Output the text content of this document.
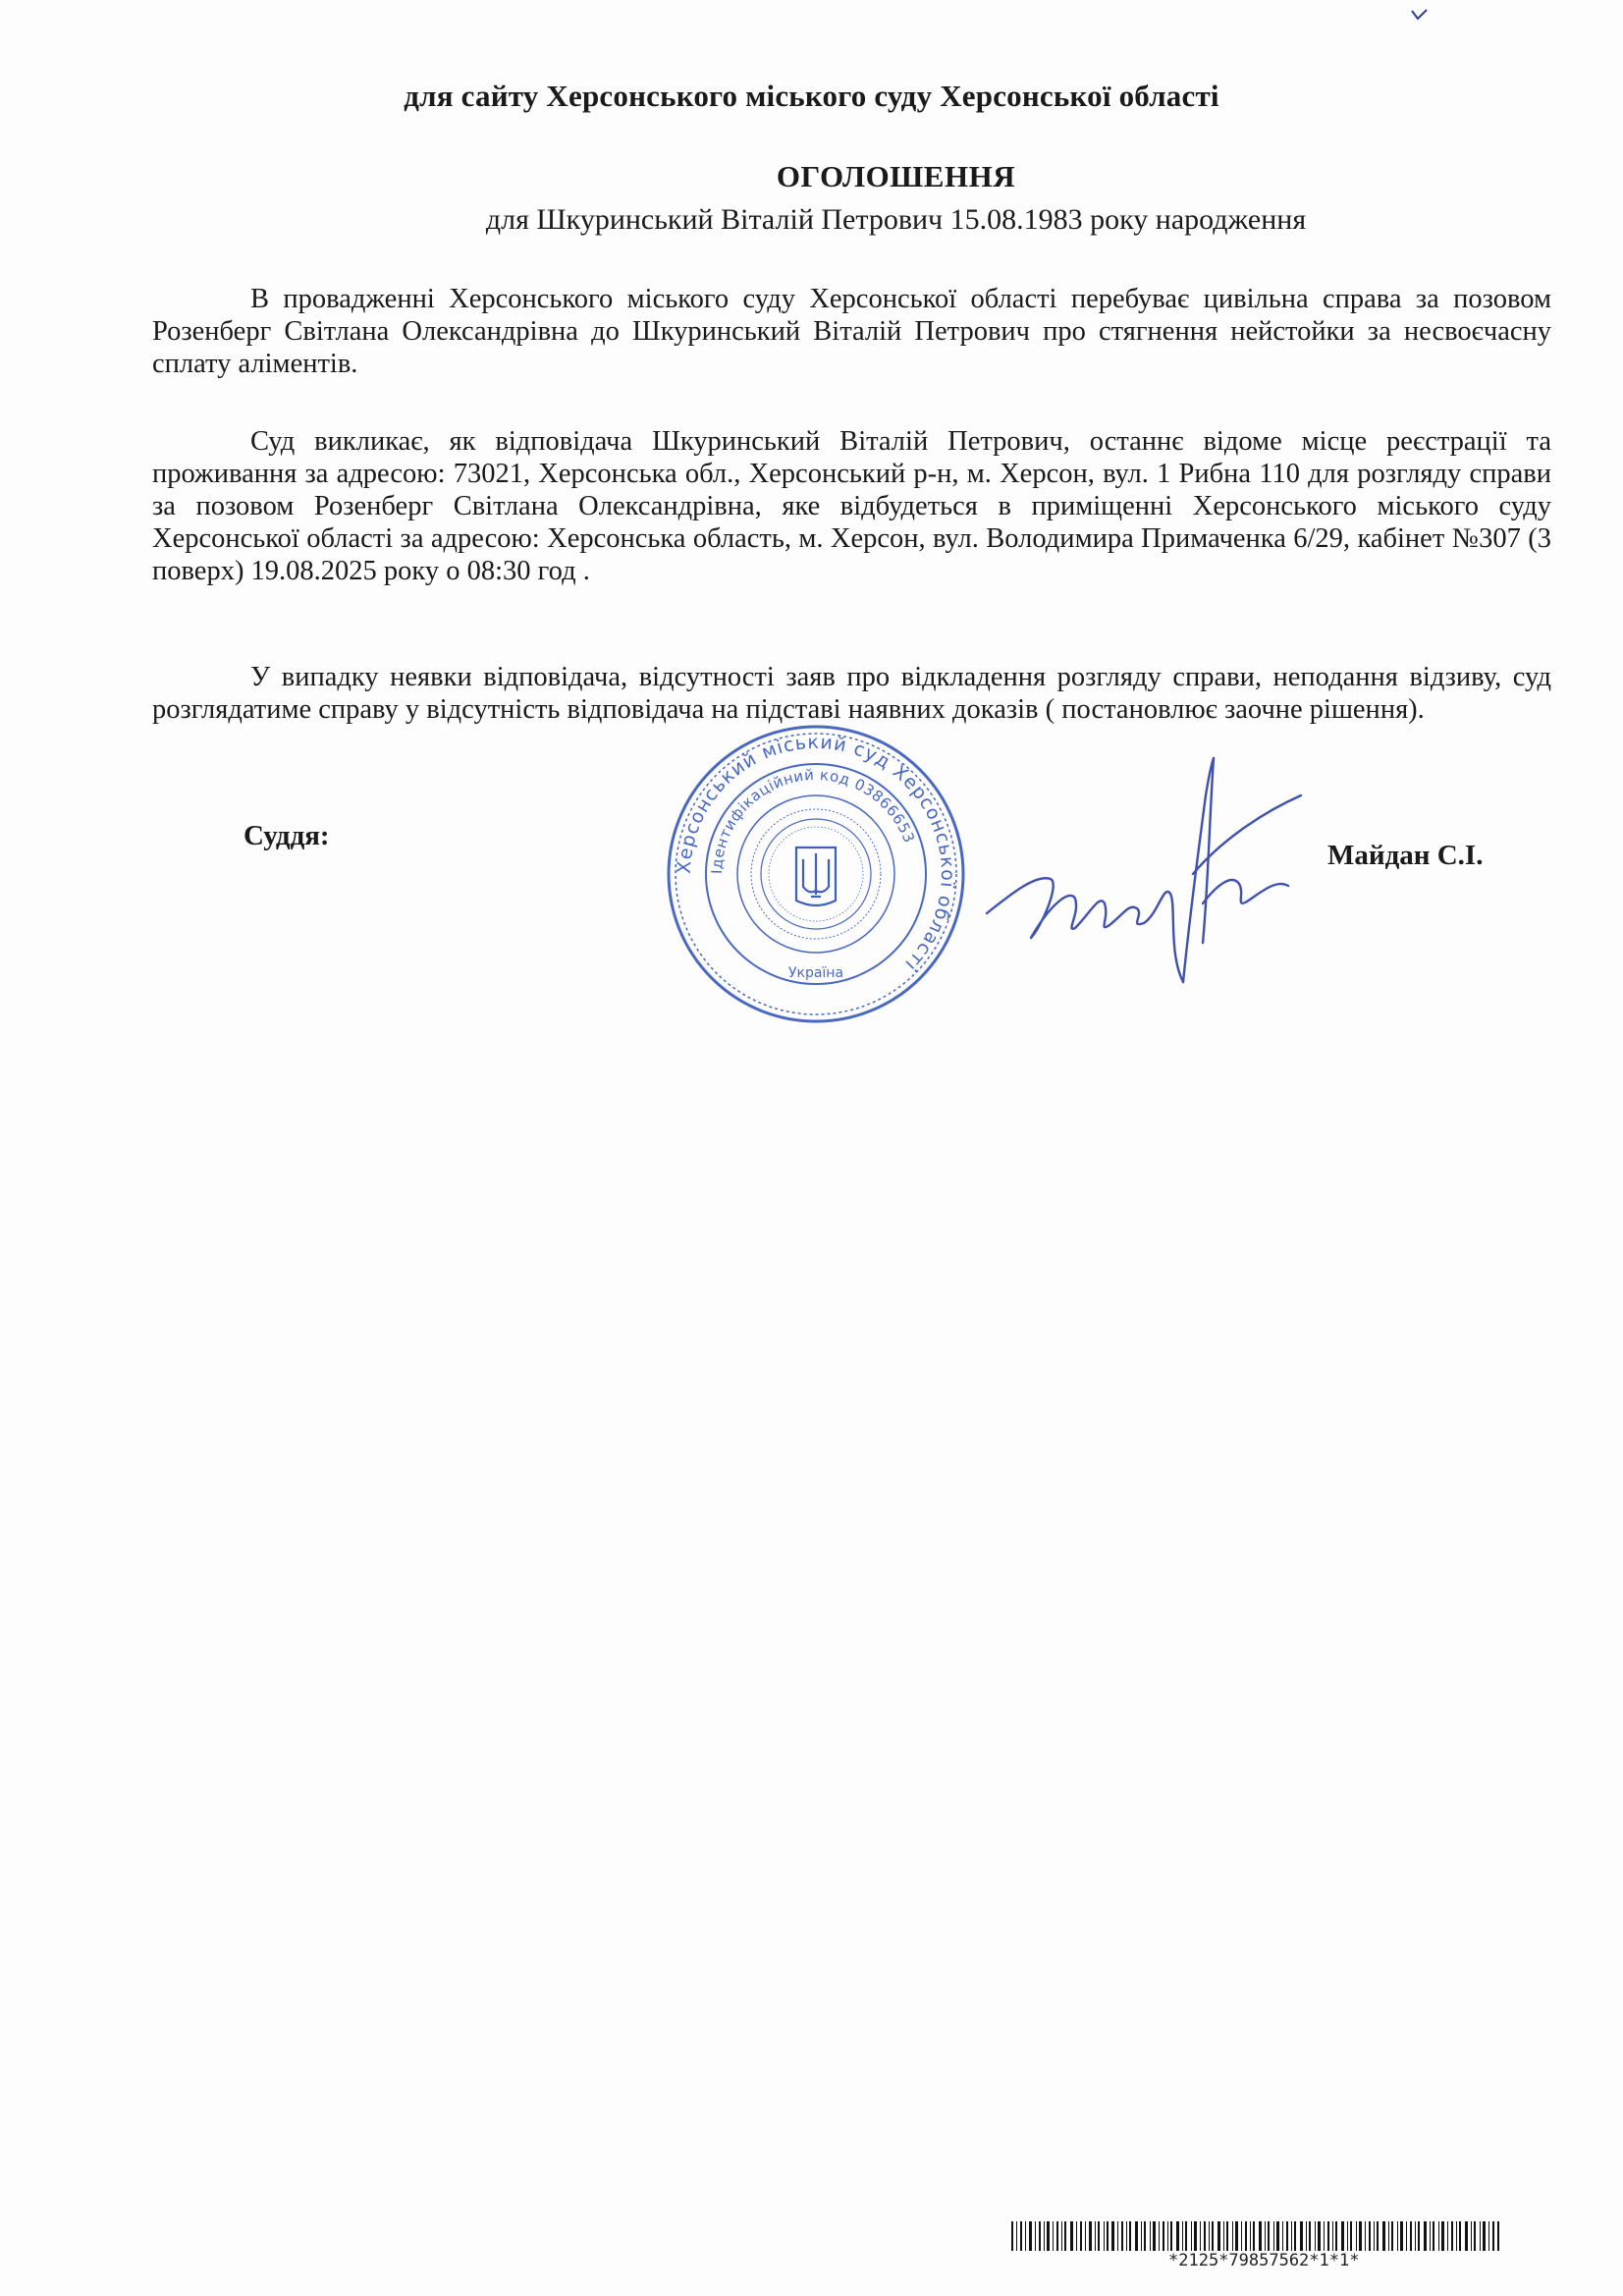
для сайту Херсонського міського суду Херсонської області
ОГОЛОШЕННЯ
для Шкуринський Віталій Петрович 15.08.1983 року народження
В провадженні Херсонського міського суду Херсонської області перебуває цивільна справа за позовом Розенберг Світлана Олександрівна до Шкуринський Віталій Петрович про стягнення нейстойки за несвоєчасну сплату аліментів.
Суд викликає, як відповідача Шкуринський Віталій Петрович, останнє відоме місце реєстрації та проживання за адресою: 73021, Херсонська обл., Херсонський р-н, м. Херсон, вул. 1 Рибна 110 для розгляду справи за позовом Розенберг Світлана Олександрівна, яке відбудеться в приміщенні Херсонського міського суду Херсонської області за адресою: Херсонська область, м. Херсон, вул. Володимира Примаченка 6/29, кабінет №307 (3 поверх) 19.08.2025 року о 08:30 год .
У випадку неявки відповідача, відсутності заяв про відкладення розгляду справи, неподання відзиву, суд розглядатиме справу у відсутність відповідача на підставі наявних доказів ( постановлює заочне рішення).
Суддя:
Херсонський міський суд Херсонської області
Ідентифікаційний код 03866653
Україна
Майдан С.І.
*2125*79857562*1*1*
